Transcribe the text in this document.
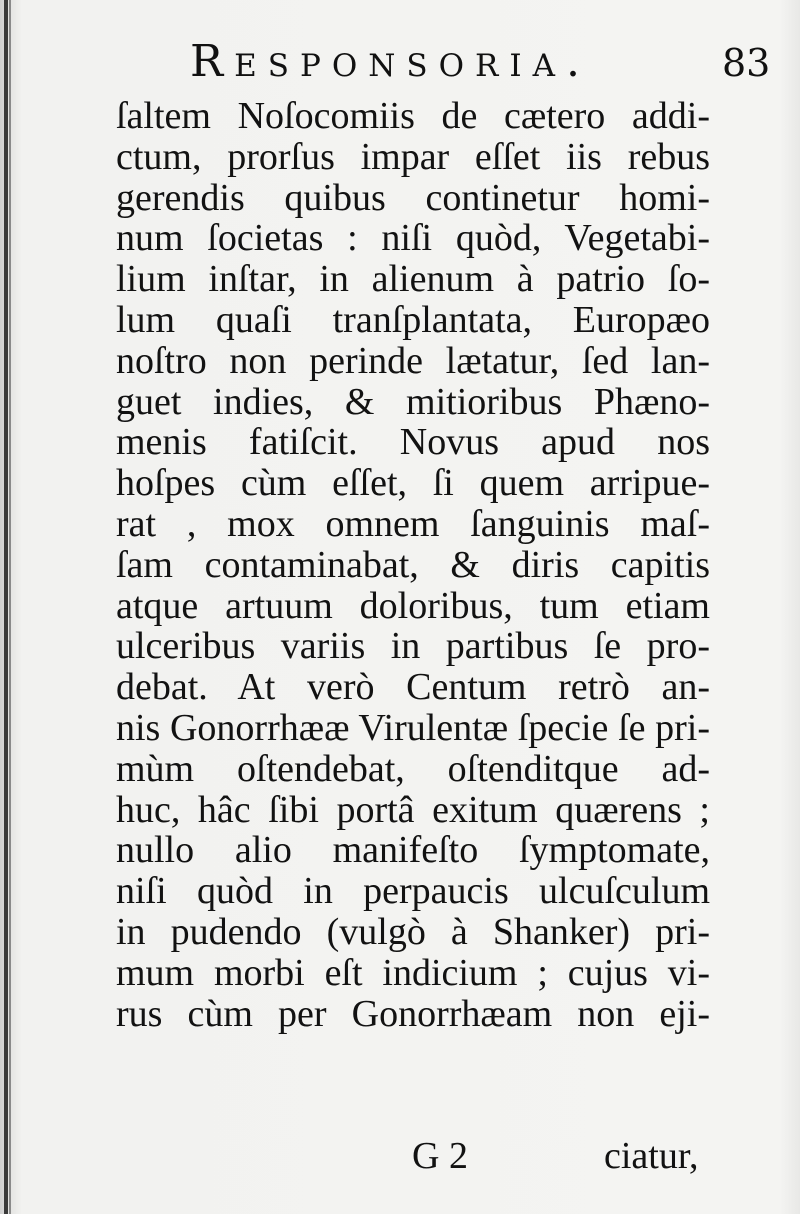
Responsoria.	83
ſaltem Noſocomiis de cætero addi-
ctum, prorſus impar eſſet iis rebus
gerendis quibus continetur homi-
num ſocietas : niſi quòd, Vegetabi-
lium inſtar, in alienum à patrio ſo-
lum quaſi tranſplantata, Europæo
noſtro non perinde lætatur, ſed lan-
guet indies, & mitioribus Phæno-
menis fatiſcit. Novus apud nos
hoſpes cùm eſſet, ſi quem arripue-
rat , mox omnem ſanguinis maſ-
ſam contaminabat, & diris capitis
atque artuum doloribus, tum etiam
ulceribus variis in partibus ſe pro-
debat. At verò Centum retrò an-
nis Gonorrhææ Virulentæ ſpecie ſe pri-
mùm oſtendebat, oſtenditque ad-
huc, hâc ſibi portâ exitum quærens ;
nullo alio manifeſto ſymptomate,
niſi quòd in perpaucis ulcuſculum
in pudendo (vulgò à Shanker) pri-
mum morbi eſt indicium ; cujus vi-
rus cùm per Gonorrhæam non eji-
G 2	ciatur,
